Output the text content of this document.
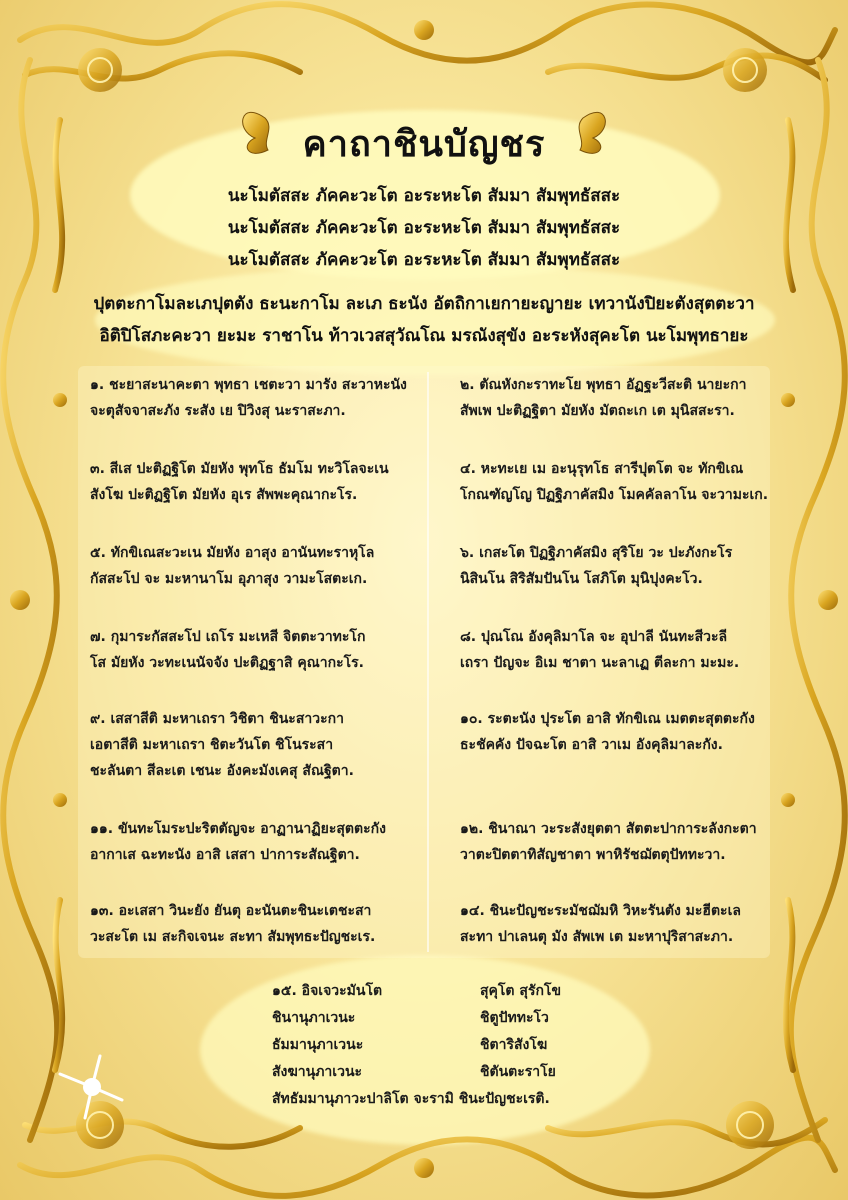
คาถาชินบัญชร
นะโมตัสสะ ภัคคะวะโต อะระหะโต สัมมา สัมพุทธัสสะ
นะโมตัสสะ ภัคคะวะโต อะระหะโต สัมมา สัมพุทธัสสะ
นะโมตัสสะ ภัคคะวะโต อะระหะโต สัมมา สัมพุทธัสสะ
ปุตตะกาโมละเภปุตตัง ธะนะกาโม ละเภ ธะนัง อัตถิกาเยกายะญายะ เทวานังปิยะตังสุตตะวา
อิติปิโสภะคะวา ยะมะ ราชาโน ท้าวเวสสุวัณโณ มรณังสุขัง อะระหังสุคะโต นะโมพุทธายะ
๑. ชะยาสะนาคะตา พุทธา เชตะวา มารัง สะวาหะนัง
จะตุสัจจาสะภัง ระสัง เย ปิวิงสุ นะราสะภา.
๓. สีเส ปะติฏฐิโต มัยหัง พุทโธ ธัมโม ทะวิโลจะเน
สังโฆ ปะติฏฐิโต มัยหัง อุเร สัพพะคุณากะโร.
๕. ทักขิเณสะวะเน มัยหัง อาสุง อานันทะราหุโล
กัสสะโป จะ มะหานาโม อุภาสุง วามะโสตะเก.
๗. กุมาระกัสสะโป เถโร มะเหสี จิตตะวาทะโก
โส มัยหัง วะทะเนนัจจัง ปะติฏฐาสิ คุณากะโร.
๙. เสสาสีติ มะหาเถรา วิชิตา ชินะสาวะกา
เอตาสีติ มะหาเถรา ชิตะวันโต ชิโนระสา
ชะลันตา สีละเต เชนะ อังคะมังเคสุ สัณฐิตา.
๑๑. ขันทะโมระปะริตตัญจะ อาฏานาฏิยะสุตตะกัง
อากาเส ฉะทะนัง อาสิ เสสา ปาการะสัณฐิตา.
๑๓. อะเสสา วินะยัง ยันตุ อะนันตะชินะเตชะสา
วะสะโต เม สะกิจเจนะ สะทา สัมพุทธะปัญชะเร.
๒. ตัณหังกะราทะโย พุทธา อัฏฐะวีสะติ นายะกา
สัพเพ ปะติฏฐิตา มัยหัง มัตถะเก เต มุนิสสะรา.
๔. หะทะเย เม อะนุรุทโธ สารีปุตโต จะ ทักขิเณ
โกณฑัญโญ ปิฏฐิภาคัสมิง โมคคัลลาโน จะวามะเก.
๖. เกสะโต ปิฏฐิภาคัสมิง สุริโย วะ ปะภังกะโร
นิสินโน สิริสัมปันโน โสภิโต มุนิปุงคะโว.
๘. ปุณโณ อังคุลิมาโล จะ อุปาลี นันทะสีวะลี
เถรา ปัญจะ อิเม ชาตา นะลาเฏ ตีละกา มะมะ.
๑๐. ระตะนัง ปุระโต อาสิ ทักขิเณ เมตตะสุตตะกัง
ธะชัคคัง ปัจฉะโต อาสิ วาเม อังคุลิมาละกัง.
๑๒. ชินาณา วะระสังยุตตา สัตตะปาการะลังกะตา
วาตะปิตตาทิสัญชาตา พาหิรัชฌัตตุปัททะวา.
๑๔. ชินะปัญชะระมัชฌัมหิ วิหะรันตัง มะฮีตะเล
สะทา ปาเลนตุ มัง สัพเพ เต มะหาปุริสาสะภา.
๑๕. อิจเจวะมันโต	สุคุโต สุรักโข
ชินานุภาเวนะ	ชิตูปัททะโว
ธัมมานุภาเวนะ	ชิตาริสังโฆ
สังฆานุภาเวนะ	ชิตันตะราโย
สัทธัมมานุภาวะปาลิโต จะรามิ ชินะปัญชะเรติ.
